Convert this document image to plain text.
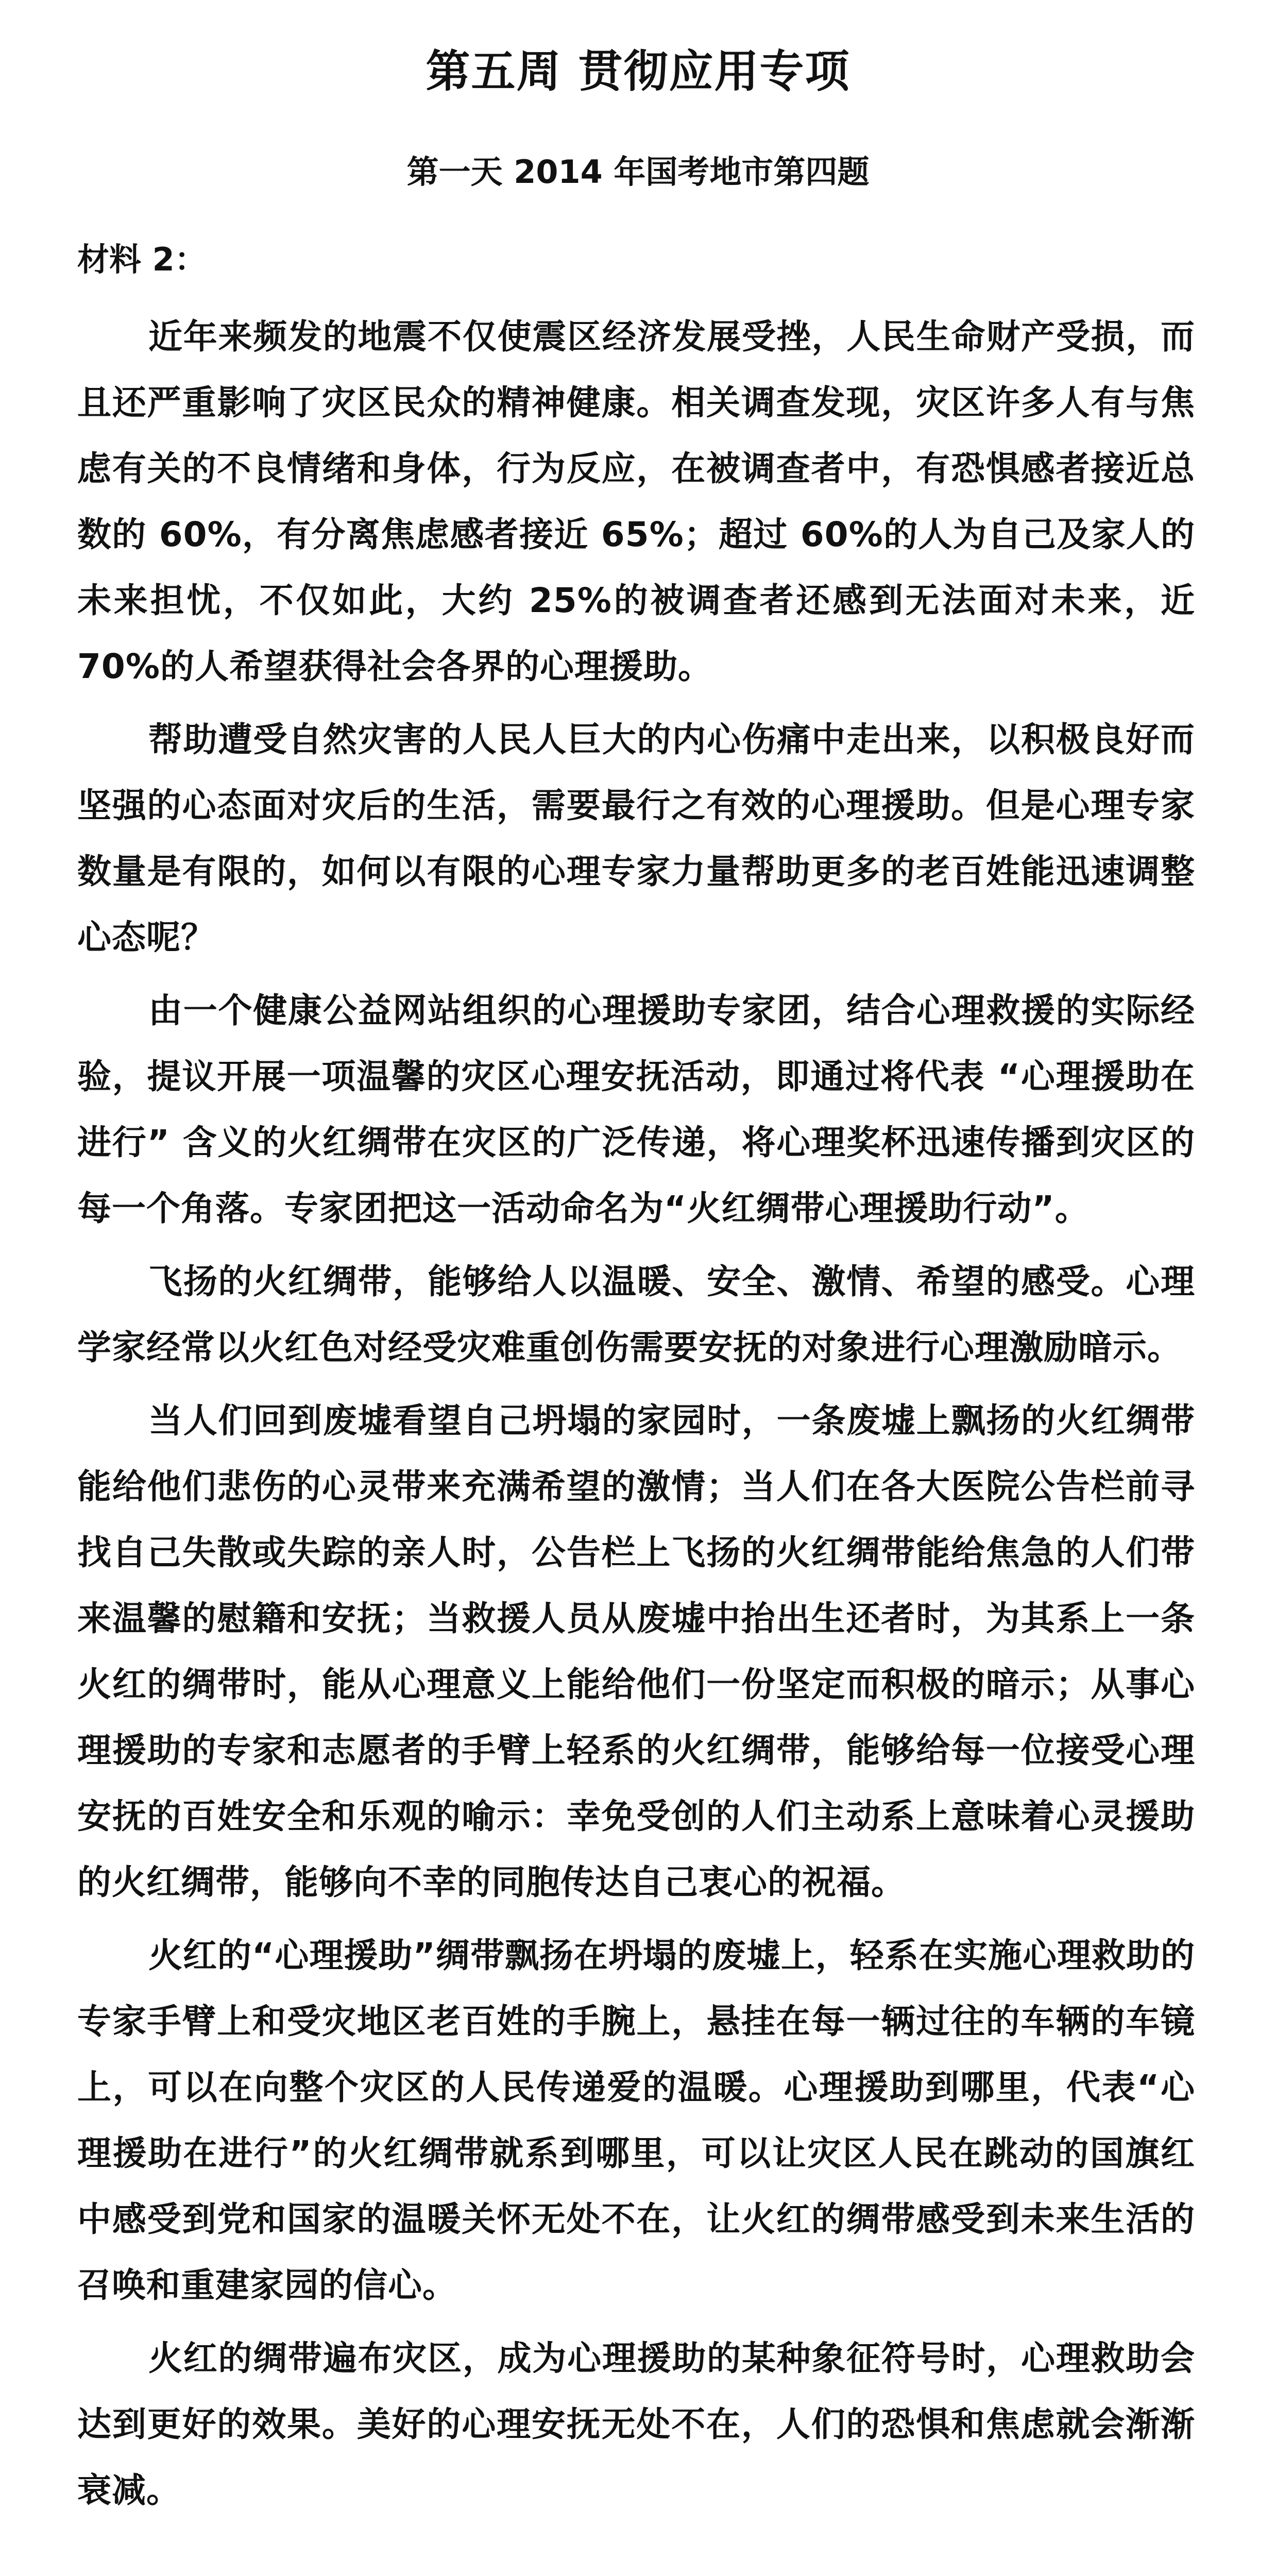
第五周 贯彻应用专项
第一天 2014 年国考地市第四题
材料 2：

近年来频发的地震不仅使震区经济发展受挫，人民生命财产受损，而且还严重影响了灾区民众的精神健康。相关调查发现，灾区许多人有与焦虑有关的不良情绪和身体，行为反应，在被调查者中，有恐惧感者接近总数的 60%，有分离焦虑感者接近 65%；超过 60%的人为自己及家人的未来担忧，不仅如此，大约 25%的被调查者还感到无法面对未来，近 70%的人希望获得社会各界的心理援助。

帮助遭受自然灾害的人民人巨大的内心伤痛中走出来，以积极良好而坚强的心态面对灾后的生活，需要最行之有效的心理援助。但是心理专家数量是有限的，如何以有限的心理专家力量帮助更多的老百姓能迅速调整心态呢？

由一个健康公益网站组织的心理援助专家团，结合心理救援的实际经验，提议开展一项温馨的灾区心理安抚活动，即通过将代表 “心理援助在进行” 含义的火红绸带在灾区的广泛传递，将心理奖杯迅速传播到灾区的每一个角落。专家团把这一活动命名为“火红绸带心理援助行动”。

飞扬的火红绸带，能够给人以温暖、安全、激情、希望的感受。心理学家经常以火红色对经受灾难重创伤需要安抚的对象进行心理激励暗示。

当人们回到废墟看望自己坍塌的家园时，一条废墟上飘扬的火红绸带能给他们悲伤的心灵带来充满希望的激情；当人们在各大医院公告栏前寻找自己失散或失踪的亲人时，公告栏上飞扬的火红绸带能给焦急的人们带来温馨的慰籍和安抚；当救援人员从废墟中抬出生还者时，为其系上一条火红的绸带时，能从心理意义上能给他们一份坚定而积极的暗示；从事心理援助的专家和志愿者的手臂上轻系的火红绸带，能够给每一位接受心理安抚的百姓安全和乐观的喻示：幸免受创的人们主动系上意味着心灵援助的火红绸带，能够向不幸的同胞传达自己衷心的祝福。

火红的“心理援助”绸带飘扬在坍塌的废墟上，轻系在实施心理救助的专家手臂上和受灾地区老百姓的手腕上，悬挂在每一辆过往的车辆的车镜上，可以在向整个灾区的人民传递爱的温暖。心理援助到哪里，代表“心理援助在进行”的火红绸带就系到哪里，可以让灾区人民在跳动的国旗红中感受到党和国家的温暖关怀无处不在，让火红的绸带感受到未来生活的召唤和重建家园的信心。

火红的绸带遍布灾区，成为心理援助的某种象征符号时，心理救助会达到更好的效果。美好的心理安抚无处不在，人们的恐惧和焦虑就会渐渐衰减。
